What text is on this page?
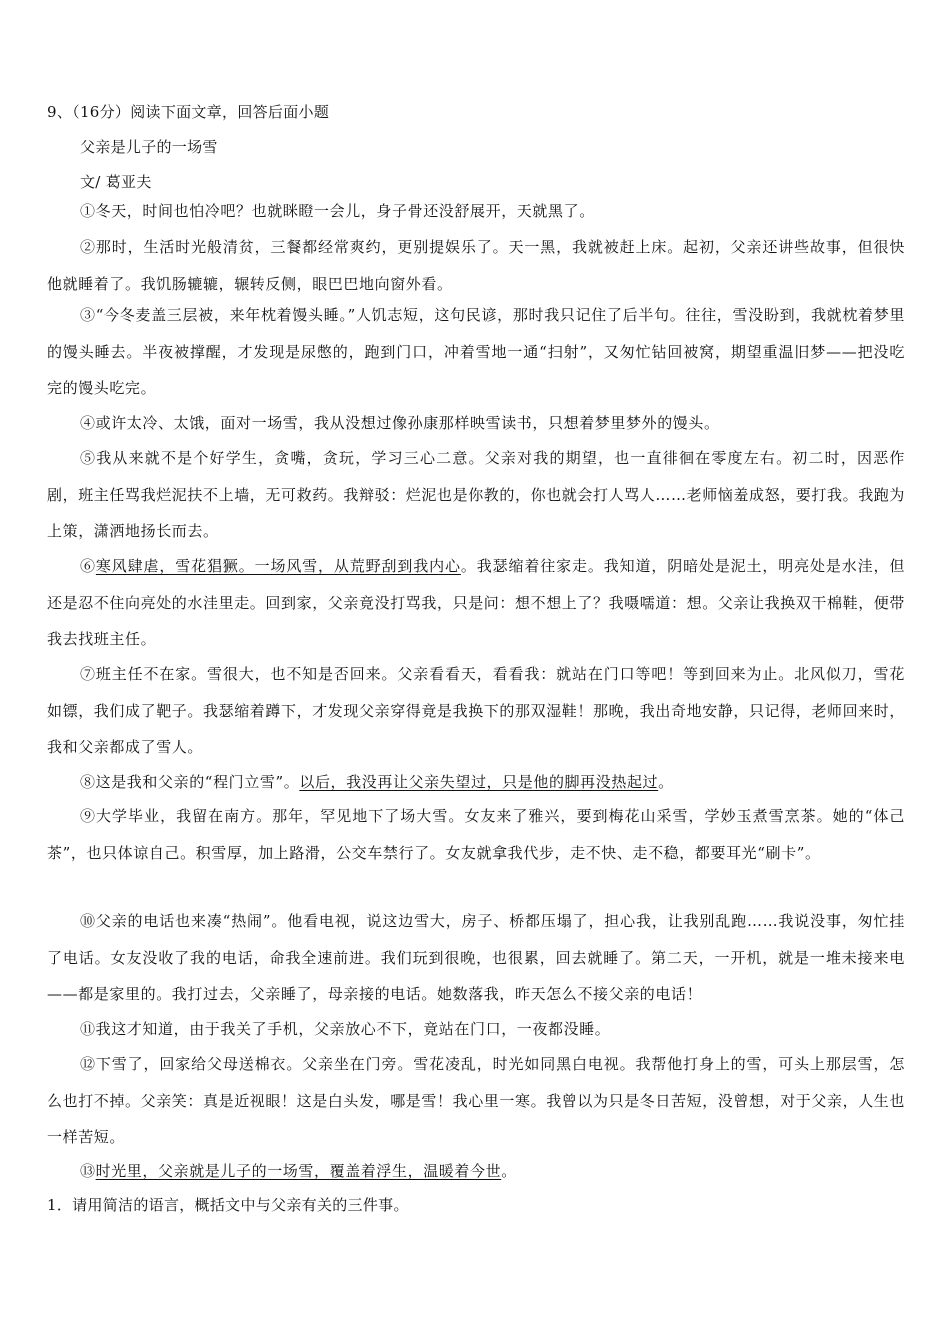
9、（16分）阅读下面文章，回答后面小题
父亲是儿子的一场雪
文/ 葛亚夫

①冬天，时间也怕冷吧？也就眯瞪一会儿，身子骨还没舒展开，天就黑了。

②那时，生活时光般清贫，三餐都经常爽约，更别提娱乐了。天一黑，我就被赶上床。起初，父亲还讲些故事，但很快他就睡着了。我饥肠辘辘，辗转反侧，眼巴巴地向窗外看。

③“今冬麦盖三层被，来年枕着馒头睡。”人饥志短，这句民谚，那时我只记住了后半句。往往，雪没盼到，我就枕着梦里的馒头睡去。半夜被撑醒，才发现是尿憋的，跑到门口，冲着雪地一通“扫射”，又匆忙钻回被窝，期望重温旧梦——把没吃完的馒头吃完。

④或许太冷、太饿，面对一场雪，我从没想过像孙康那样映雪读书，只想着梦里梦外的馒头。

⑤我从来就不是个好学生，贪嘴，贪玩，学习三心二意。父亲对我的期望，也一直徘徊在零度左右。初二时，因恶作剧，班主任骂我烂泥扶不上墙，无可救药。我辩驳：烂泥也是你教的，你也就会打人骂人……老师恼羞成怒，要打我。我跑为上策，潇洒地扬长而去。

⑥寒风肆虐，雪花猖獗。一场风雪，从荒野刮到我内心。我瑟缩着往家走。我知道，阴暗处是泥土，明亮处是水洼，但还是忍不住向亮处的水洼里走。回到家，父亲竟没打骂我，只是问：想不想上了？我嗫嚅道：想。父亲让我换双干棉鞋，便带我去找班主任。

⑦班主任不在家。雪很大，也不知是否回来。父亲看看天，看看我：就站在门口等吧！等到回来为止。北风似刀，雪花如镖，我们成了靶子。我瑟缩着蹲下，才发现父亲穿得竟是我换下的那双湿鞋！那晚，我出奇地安静，只记得，老师回来时，我和父亲都成了雪人。

⑧这是我和父亲的“程门立雪”。以后，我没再让父亲失望过，只是他的脚再没热起过。

⑨大学毕业，我留在南方。那年，罕见地下了场大雪。女友来了雅兴，要到梅花山采雪，学妙玉煮雪烹茶。她的“体己茶”，也只体谅自己。积雪厚，加上路滑，公交车禁行了。女友就拿我代步，走不快、走不稳，都要耳光“刷卡”。

⑩父亲的电话也来凑“热闹”。他看电视，说这边雪大，房子、桥都压塌了，担心我，让我别乱跑……我说没事，匆忙挂了电话。女友没收了我的电话，命我全速前进。我们玩到很晚，也很累，回去就睡了。第二天，一开机，就是一堆未接来电——都是家里的。我打过去，父亲睡了，母亲接的电话。她数落我，昨天怎么不接父亲的电话！

⑪我这才知道，由于我关了手机，父亲放心不下，竟站在门口，一夜都没睡。

⑫下雪了，回家给父母送棉衣。父亲坐在门旁。雪花凌乱，时光如同黑白电视。我帮他打身上的雪，可头上那层雪，怎么也打不掉。父亲笑：真是近视眼！这是白头发，哪是雪！我心里一寒。我曾以为只是冬日苦短，没曾想，对于父亲，人生也一样苦短。

⑬时光里，父亲就是儿子的一场雪，覆盖着浮生，温暖着今世。

1．请用简洁的语言，概括文中与父亲有关的三件事。
